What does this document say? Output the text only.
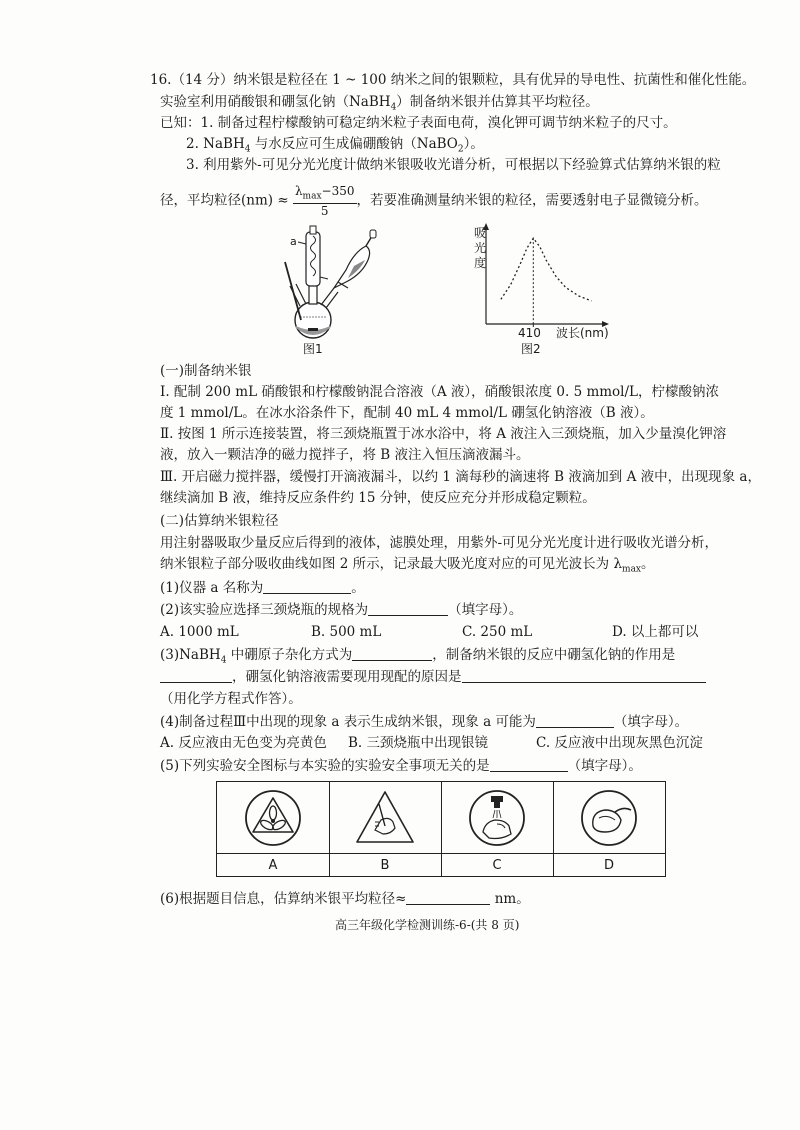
16.（14 分）纳米银是粒径在 1 ~ 100 纳米之间的银颗粒，具有优异的导电性、抗菌性和催化性能。
实验室利用硝酸银和硼氢化钠（NaBH$_4$）制备纳米银并估算其平均粒径。
已知：1. 制备过程柠檬酸钠可稳定纳米粒子表面电荷，溴化钾可调节纳米粒子的尺寸。
2. NaBH$_4$ 与水反应可生成偏硼酸钠（NaBO$_2$）。
3. 利用紫外-可见分光光度计做纳米银吸收光谱分析，可根据以下经验算式估算纳米银的粒
径，平均粒径$(nm) \approx \frac{\lambda_{max}-350}{5}$ ，若要准确测量纳米银的粒径，需要透射电子显微镜分析。
a
图1
吸
光
度
410 波长(nm)
图2
(一)制备纳米银
Ⅰ. 配制 200 mL 硝酸银和柠檬酸钠混合溶液（A 液），硝酸银浓度 0. 5 mmol/L，柠檬酸钠浓
度 1 mmol/L。在冰水浴条件下，配制 40 mL 4 mmol/L 硼氢化钠溶液（B 液）。
Ⅱ. 按图 1 所示连接装置，将三颈烧瓶置于冰水浴中，将 A 液注入三颈烧瓶，加入少量溴化钾溶
液，放入一颗洁净的磁力搅拌子，将 B 液注入恒压滴液漏斗。
Ⅲ. 开启磁力搅拌器，缓慢打开滴液漏斗，以约 1 滴每秒的滴速将 B 液滴加到 A 液中，出现现象 a，
继续滴加 B 液，维持反应条件约 15 分钟，使反应充分并形成稳定颗粒。
(二)估算纳米银粒径
用注射器吸取少量反应后得到的液体，滤膜处理，用紫外-可见分光光度计进行吸收光谱分析，
纳米银粒子部分吸收曲线如图 2 所示，记录最大吸光度对应的可见光波长为 $\lambda_{max}$。
(1)仪器 a 名称为	。
(2)该实验应选择三颈烧瓶的规格为	（填字母）。
A. 1000 mL	B. 500 mL	C. 250 mL	D. 以上都可以
(3)NaBH$_4$ 中硼原子杂化方式为	，制备纳米银的反应中硼氢化钠的作用是
，硼氢化钠溶液需要现用现配的原因是
（用化学方程式作答）。
(4)制备过程Ⅲ中出现的现象 a 表示生成纳米银，现象 a 可能为	（填字母）。
A. 反应液由无色变为亮黄色 B. 三颈烧瓶中出现银镜	C. 反应液中出现灰黑色沉淀
(5)下列实验安全图标与本实验的实验安全事项无关的是	（填字母）。
A	B	C	D
(6)根据题目信息，估算纳米银平均粒径≈	nm。
高三年级化学检测训练-6-(共 8 页)
